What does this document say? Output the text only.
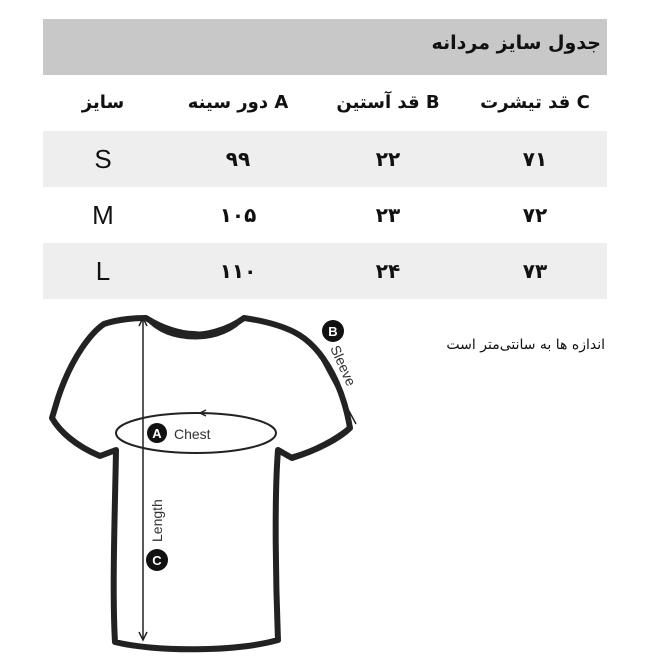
جدول سایز مردانه
سایز	A دور سینه	B قد آستین	C قد تیشرت
S	۹۹	۲۲	۷۱
M	۱۰۵	۲۳	۷۲
L	۱۱۰	۲۴	۷۳
اندازه ها به سانتی‌متر است
A Chest
B
Sleeve
C
Length
